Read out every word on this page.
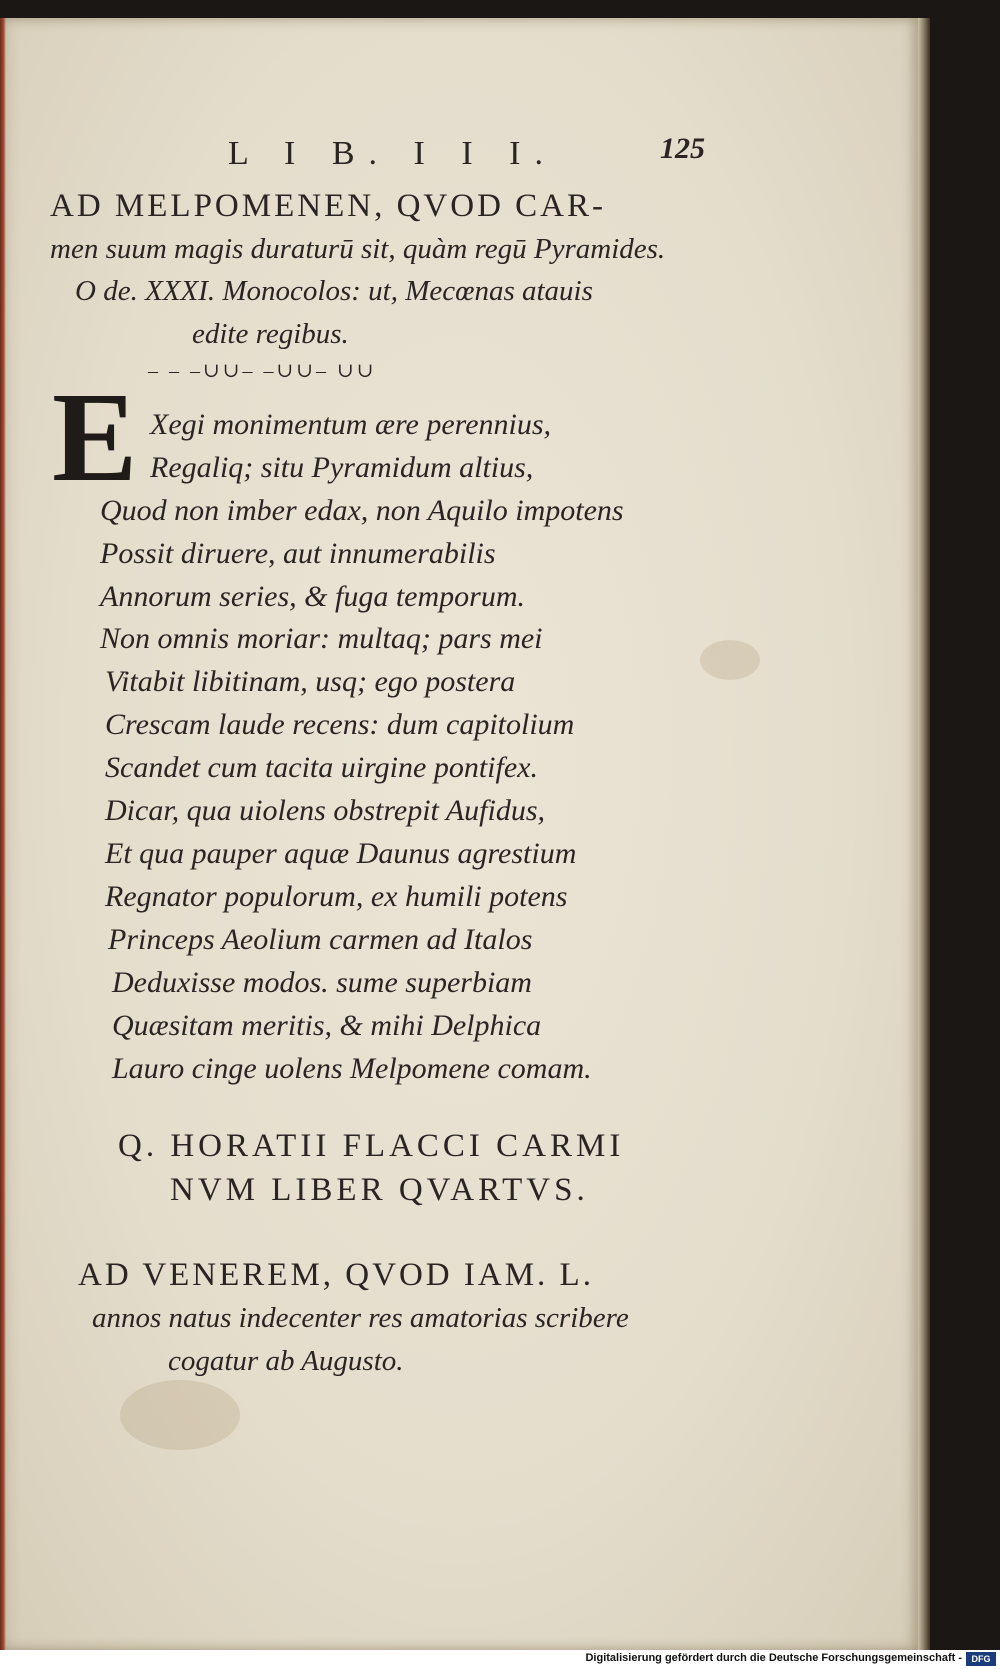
L I B. I I I.	125
AD MELPOMENEN, QVOD CAR-
men suum magis duraturū sit, quàm regū Pyramides.
O de. XXXI. Monocolos: ut, Mecœnas atauis
edite regibus.
– – –∪∪– –∪∪– ∪∪
E Xegi monimentum ære perennius,
Regaliq; situ Pyramidum altius,
Quod non imber edax, non Aquilo impotens
Possit diruere, aut innumerabilis
Annorum series, & fuga temporum.
Non omnis moriar: multaq; pars mei
Vitabit libitinam, usq; ego postera
Crescam laude recens: dum capitolium
Scandet cum tacita uirgine pontifex.
Dicar, qua uiolens obstrepit Aufidus,
Et qua pauper aquæ Daunus agrestium
Regnator populorum, ex humili potens
Princeps Aeolium carmen ad Italos
Deduxisse modos. sume superbiam
Quæsitam meritis, & mihi Delphica
Lauro cinge uolens Melpomene comam.
Q. HORATII FLACCI CARMI
NVM LIBER QVARTVS.
AD VENEREM, QVOD IAM. L.
annos natus indecenter res amatorias scribere
cogatur ab Augusto.
Digitalisierung gefördert durch die Deutsche Forschungsgemeinschaft -	DFG
